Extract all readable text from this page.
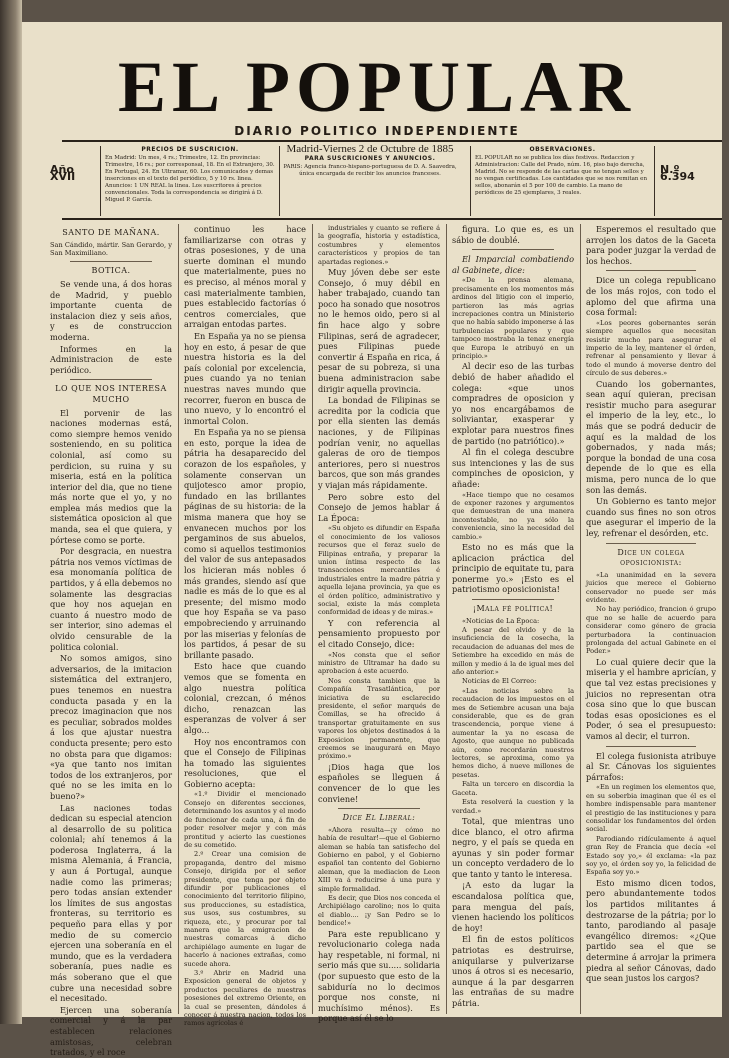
EL POPULAR
DIARIO POLITICO INDEPENDIENTE
Año XVII
PRECIOS DE SUSCRICION.
En Madrid: Un mes, 4 rs.; Trimestre, 12. En provincias: Trimestre, 16 rs.; por corresponsal, 18. En el Extranjero, 30. En Portugal, 24. En Ultramar, 60. Los comunicados y demas inserciones en el texto del periódico, 5 y 10 rs. linea. Anuncios: 1 UN REAL la linea. Los suscritores á precios convencionales. Toda la correspondencia se dirigirá á D. Miguel P. García.
Madrid-Viernes 2 de Octubre de 1885
PARA SUSCRICIONES Y ANUNCIOS.
PARIS: Agencia franco-hispano-portuguesa de D. A. Saavedra, única encargada de recibir los anuncios franceses.
OBSERVACIONES.
EL POPULAR no se publica los días festivos. Redaccion y Administracion: Calle del Prado, núm. 16, piso bajo derecha, Madrid. No se responde de las cartas que no tengan sellos y no vengan certificadas. Los cantidades que se nos remitan en sellos, abonarán el 5 por 100 de cambio. La mano de periódicos de 25 ejemplares, 3 reales.
N.º 6.394
SANTO DE MAÑANA.
San Cándido, mártir. San Gerardo, y San Maximiliano.
BOTICA.

Se vende una, á dos horas de Madrid, y pueblo importante cuenta de instalacion diez y seis años, y es de construccion moderna.

Informes en la Administracion de este periódico.

LO QUE NOS INTERESA MUCHO

El porvenir de las naciones modernas está, como siempre hemos venido sosteniendo, en su politica colonial, así como su perdicion, su ruina y su miseria, está en la política interior del dia, que no tiene más norte que el yo, y no emplea más medios que la sistemática oposicion al que manda, sea el que quiera, y pórtese como se porte.

Por desgracia, en nuestra pátria nos vemos víctimas de esa monomanía política de partidos, y á ella debemos no solamente las desgracias que hoy nos aquejan en cuanto á nuestro modo de ser interior, sino ademas el olvido censurable de la politica colonial.

No somos amigos, sino adversarios, de la imitacion sistemática del extranjero, pues tenemos en nuestra conducta pasada y en la precoz imaginacion que nos es peculiar, sobrados moldes á los que ajustar nuestra conducta presente; pero esto no obsta para que digamos: «ya que tanto nos imitan todos de los extranjeros, por qué no se les imita en lo bueno?»

Las naciones todas dedican su especial atencion al desarrollo de su politica colonial; ahí tenemos á la poderosa Inglaterra, á la misma Alemania, á Francia, y aun á Portugal, aunque nadie como las primeras; pero todas ansían extender los límites de sus angostas fronteras, su territorio es pequeño para ellas y por medio de su comercio ejercen una soberanía en el mundo, que es la verdadera soberanía, pues nadie es más soberano que el que cubre una necesidad sobre el necesitado.

Ejercen una soberanía comercial y á la par establecen relaciones amistosas, celebran tratados, y el roce

continuo les hace familiarizarse con otras y otras posesiones, y de una suerte dominan el mundo que materialmente, pues no es preciso, al ménos moral y casi materialmente tambien, pues establecido factorías ó centros comerciales, que arraigan entodas partes.

En España ya no se piensa hoy en esto, á pesar de que nuestra historia es la del país colonial por excelencia, pues cuando ya no tenian nuestras naves mundo que recorrer, fueron en busca de uno nuevo, y lo encontró el inmortal Colon.

En España ya no se piensa en esto, porque la idea de pátria ha desaparecido del corazon de los españoles, y solamente conservan un quijotesco amor propio, fundado en las brillantes páginas de su historia: de la misma manera que hoy se envanecen muchos por los pergaminos de sus abuelos, como si aquellos testimonios del valor de sus antepasados los hicieran más nobles ó más grandes, siendo así que nadie es más de lo que es al presente; del mismo modo que hoy España se va paso empobreciendo y arruinando por las miserias y felonías de los partidos, á pesar de su brillante pasado.

Esto hace que cuando vemos que se fomenta en algo nuestra política colonial, crezcan, ó ménos dicho, renazcan las esperanzas de volver á ser algo...

Hoy nos encontramos con que el Consejo de Filipinas ha tomado las siguientes resoluciones, que el Gobierno acepta:

«1.º Dividir el mencionado Consejo en diferentes secciones, determinando los asuntos y el modo de funcionar de cada una, á fin de poder resolver mejor y con más prontitud y acierto las cuestiones de su cometido.

2.º Crear una comision de propaganda, dentro del mismo Consejo, dirigida por el señor presidente, que tenga por objeto difundir por publicaciones el conocimiento del territorio filipino, sus producciones, su estadística, sus usos, sus costumbres, su riqueza, etc., y procurar por tal manera que la emigracion de nuestras comarcas á dicho archipiélago aumente en lugar de hacerlo á naciones extrañas, como sucede ahora.

3.º Abrir en Madrid una Exposicion general de objetos y productos peculiares de nuestras posesiones del extremo Oriente, en la cual se presenten, dándoles á conocer á nuestra nacion, todos los ramos agrícolas é

industriales y cuanto se refiere á la geografía, historia y estadística, costumbres y elementos característicos y propios de tan apartadas regiones.»

Muy jóven debe ser este Consejo, ó muy débil en haber trabajado, cuando tan poco ha sonado que nosotros no le hemos oido, pero si al fin hace algo y sobre Filipinas, será de agradecer, pues Filipinas puede convertir á España en rica, á pesar de su pobreza, si una buena administracion sabe dirigir aquella provincia.

La bondad de Filipinas se acredita por la codicia que por ella sienten las demás naciones, y de Filipinas podrían venir, no aquellas galeras de oro de tiempos anteriores, pero si nuestros barcos, que son más grandes y viajan más rápidamente.

Pero sobre esto del Consejo de jemos hablar á La Época:

«Su objeto es difundir en España el conocimiento de los valiosos recursos que el feraz suelo de Filipinas entraña, y preparar la union íntima respecto de las transacciones mercantiles é industriales entre la madre pátria y aquella lejana provincia, ya que es el órden político, administrativo y social, existe la más completa conformidad de ideas y de miras.»

Y con referencia al pensamiento propuesto por el citado Consejo, dice:

«Nos consta que el señor ministro de Ultramar ha dado su aprobacion á este acuerdo.

Nos consta tambien que la Compañía Trasatlántica, por iniciativa de su esclarecido presidente, el señor marqués de Comillas, se ha ofrecido á transportar gratuitamente en sus vapores los objetos destinados á la Exposicion permanente, que creemos se inaugurará en Mayo próximo.»

¡Dios haga que los españoles se lleguen á convencer de lo que les conviene!

Dice El Liberal:

«Ahora resulta—¡y cómo no había de resultar!—que el Gobierno aleman se había tan satisfecho del Gobierno en pabol, y el Gobierno español tan contento del Gobierno aleman, que la mediacion de Leon XIII va á reducirse á una pura y simple formalidad.

Es decir, que Dios nos conceda el Archipiélago carolino; nos lo quita el diablo.... ¡y San Pedro se lo bendice!»

Para este republicano y revolucionario colega nada hay respetable, ni formal, ni serio más que su..... solidaria (por supuesto que esto de la sabiduría no lo decimos porque nos conste, ni muchísimo ménos). Es porque así él se lo

figura. Lo que es, es un sábio de doublé.

El Imparcial combatiendo al Gabinete, dice:

«De la prensa alemana, precisamente en los momentos más ardinos del litigio con el imperio, partieron las más agrias increpaciones contra un Ministerio que no había sabido imponerse á las turbulencias populares y que tampoco mostraba la tenaz energía que Europa le atribuyó en un principio.»

Al decir eso de las turbas debió de haber añadido el colega: «que unos compradres de oposicion y yo nos encargábamos de soliviantar, exasperar y explotar para nuestros fines de partido (no patriótico).»

Al fin el colega descubre sus intenciones y las de sus compinches de oposicion, y añade:

«Hace tiempo que no cesamos de exponer razones y argumentos que demuestran de una manera incontestable, no ya sólo la conveniencia, sino la necesidad del cambio.»

Esto no es más que la aplicacion práctica del principio de equitate tu, para ponerme yo.» ¡Esto es el patriotismo oposicionista!

¡Mala fé política!

«Noticias de La Época:

A pesar del olvido y de la insuficiencia de la cosecha, la recaudacion de aduanas del mes de Setiembre ha excedido en más de millon y medio á la de igual mes del año anterior.»

Noticias de El Correo:

«Las noticias sobre la recaudacion de los impuestos en el mes de Setiembre acusan una baja considerable, que es de gran trascendencia, porque viene á aumentar la ya no escasa de Agosto, que aunque no publicada aún, como recordarán nuestros lectores, se aproxima, como ya hemos dicho, á nueve millones de pesetas.

Falta un tercero en discordia la Gaceta.

Esta resolverá la cuestion y la verdad.»

Total, que mientras uno dice blanco, el otro afirma negro, y el país se queda en ayunas y sin poder formar un concepto verdadero de lo que tanto y tanto le interesa.

¡A esto da lugar la escandalosa política que, para mengua del país, vienen haciendo los políticos de hoy!

El fin de estos políticos patriotas es destruirse, aniquilarse y pulverizarse unos á otros si es necesario, aunque á la par desgarren las entrañas de su madre pátria.

Esperemos el resultado que arrojen los datos de la Gaceta para poder juzgar la verdad de los hechos.

Dice un colega republicano de los más rojos, con todo el aplomo del que afirma una cosa formal:

«Los peores gobernantes serán siempre aquellos que necesitan resistir mucho para asegurar el imperio de la ley, mantener el órden, refrenar al pensamiento y llevar á todo el mundo á moverse dentro del círculo de sus deberes.»

Cuando los gobernantes, sean aquí quieran, precisan resistir mucho para asegurar el imperio de la ley, etc., lo más que se podrá deducir de aquí es la maldad de los gobernados, y nada más; porque la bondad de una cosa depende de lo que es ella misma, pero nunca de lo que son las demás.

Un Gobierno es tanto mejor cuando sus fines no son otros que asegurar el imperio de la ley, refrenar el desórden, etc.

Dice un colega oposicionista:

«La unanimidad en la severa juicios que merece el Gobierno conservador no puede ser más evidente.

No hay periódico, francion ó grupo que no se halle de acuerdo para considerar como género de gracia perturbadora la continuacion prolongada del actual Gabinete en el Poder.»

Lo cual quiere decir que la miseria y el hambre apricían, y que tal vez estas precisiones y juicios no representan otra cosa sino que lo que buscan todas esas oposiciones es el Poder, ó sea el presupuesto: vamos al decir, el turron.

El colega fusionista atribuye al Sr. Cánovas los siguientes párrafos:

«En un regimen los elementos que, en su soberbia imaginan que él es el hombre indispensable para mantener el prestigio de las instituciones y para consolidar los fundamentos del órden social.

Parodiando ridículamente á aquel gran Rey de Francia que decía «el Estado soy yo,» él exclama: «la paz soy yo, el órden soy yo, la felicidad de España soy yo.»

Esto mismo dicen todos, pero abundantemente todos los partidos militantes á destrozarse de la pátria; por lo tanto, parodiando al pasaje evangélico diremos: «¿Que partido sea el que se determine á arrojar la primera piedra al señor Cánovas, dado que sean justos los cargos?
